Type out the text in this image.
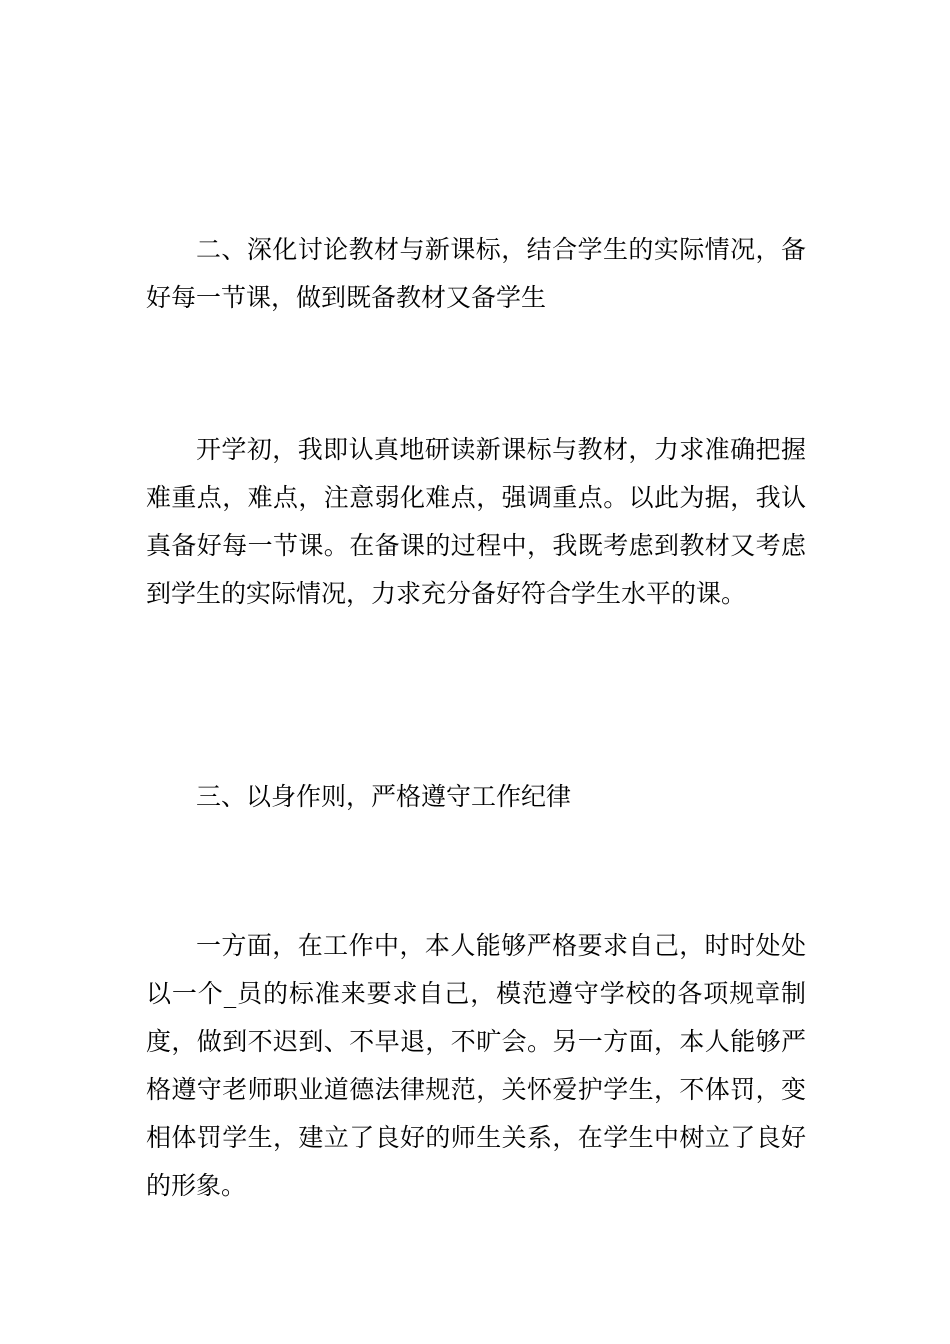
二、深化讨论教材与新课标，结合学生的实际情况，备好每一节课，做到既备教材又备学生

开学初，我即认真地研读新课标与教材，力求准确把握难重点，难点，注意弱化难点，强调重点。以此为据，我认真备好每一节课。在备课的过程中，我既考虑到教材又考虑到学生的实际情况，力求充分备好符合学生水平的课。

三、以身作则，严格遵守工作纪律

一方面，在工作中，本人能够严格要求自己，时时处处以一个_员的标准来要求自己，模范遵守学校的各项规章制度，做到不迟到、不早退，不旷会。另一方面，本人能够严格遵守老师职业道德法律规范，关怀爱护学生，不体罚，变相体罚学生，建立了良好的师生关系，在学生中树立了良好的形象。
